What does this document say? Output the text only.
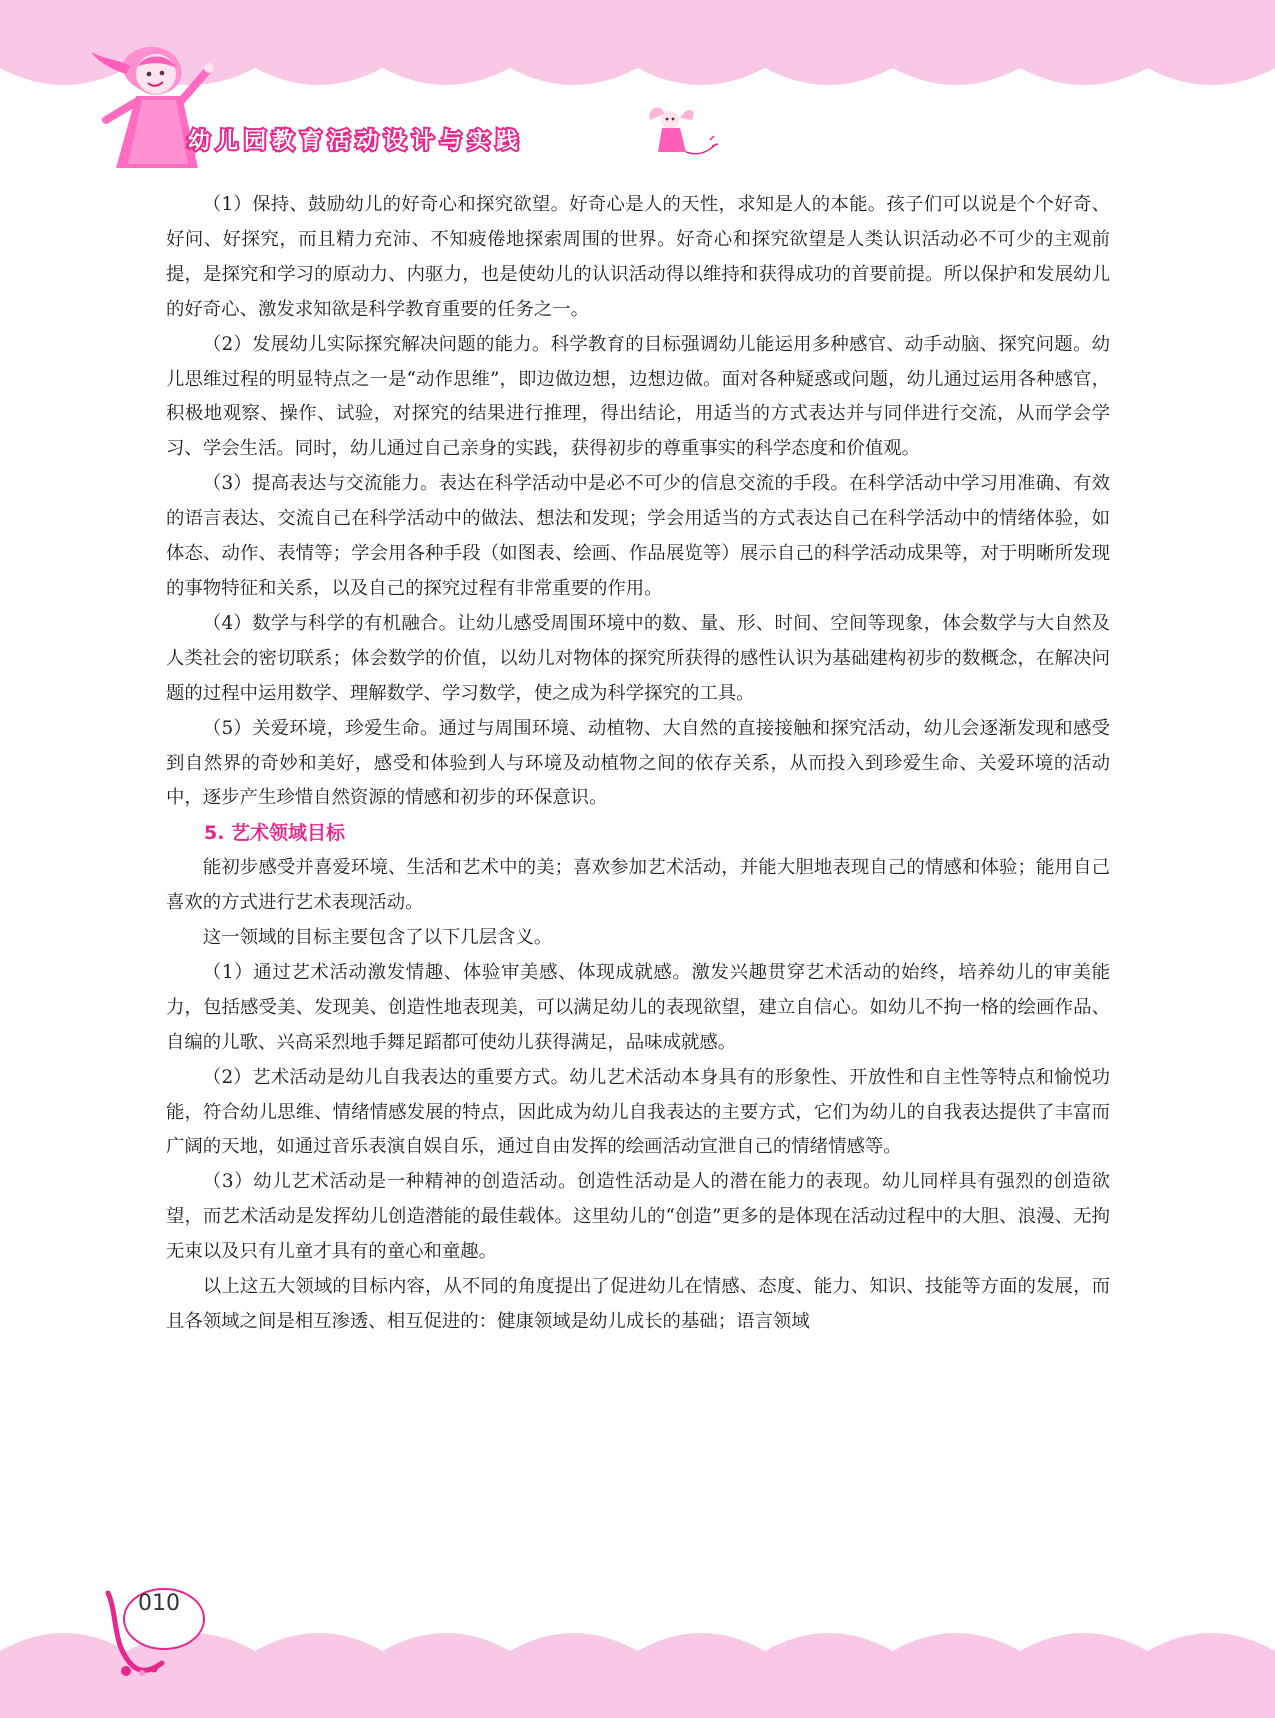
幼儿园教育活动设计与实践

（1）保持、鼓励幼儿的好奇心和探究欲望。好奇心是人的天性，求知是人的本能。孩子们可以说是个个好奇、好问、好探究，而且精力充沛、不知疲倦地探索周围的世界。好奇心和探究欲望是人类认识活动必不可少的主观前提，是探究和学习的原动力、内驱力，也是使幼儿的认识活动得以维持和获得成功的首要前提。所以保护和发展幼儿的好奇心、激发求知欲是科学教育重要的任务之一。

（2）发展幼儿实际探究解决问题的能力。科学教育的目标强调幼儿能运用多种感官、动手动脑、探究问题。幼儿思维过程的明显特点之一是“动作思维”，即边做边想，边想边做。面对各种疑惑或问题，幼儿通过运用各种感官，积极地观察、操作、试验，对探究的结果进行推理，得出结论，用适当的方式表达并与同伴进行交流，从而学会学习、学会生活。同时，幼儿通过自己亲身的实践，获得初步的尊重事实的科学态度和价值观。

（3）提高表达与交流能力。表达在科学活动中是必不可少的信息交流的手段。在科学活动中学习用准确、有效的语言表达、交流自己在科学活动中的做法、想法和发现；学会用适当的方式表达自己在科学活动中的情绪体验，如体态、动作、表情等；学会用各种手段（如图表、绘画、作品展览等）展示自己的科学活动成果等，对于明晰所发现的事物特征和关系，以及自己的探究过程有非常重要的作用。

（4）数学与科学的有机融合。让幼儿感受周围环境中的数、量、形、时间、空间等现象，体会数学与大自然及人类社会的密切联系；体会数学的价值，以幼儿对物体的探究所获得的感性认识为基础建构初步的数概念，在解决问题的过程中运用数学、理解数学、学习数学，使之成为科学探究的工具。

（5）关爱环境，珍爱生命。通过与周围环境、动植物、大自然的直接接触和探究活动，幼儿会逐渐发现和感受到自然界的奇妙和美好，感受和体验到人与环境及动植物之间的依存关系，从而投入到珍爱生命、关爱环境的活动中，逐步产生珍惜自然资源的情感和初步的环保意识。

5. 艺术领域目标

能初步感受并喜爱环境、生活和艺术中的美；喜欢参加艺术活动，并能大胆地表现自己的情感和体验；能用自己喜欢的方式进行艺术表现活动。

这一领域的目标主要包含了以下几层含义。

（1）通过艺术活动激发情趣、体验审美感、体现成就感。激发兴趣贯穿艺术活动的始终，培养幼儿的审美能力，包括感受美、发现美、创造性地表现美，可以满足幼儿的表现欲望，建立自信心。如幼儿不拘一格的绘画作品、自编的儿歌、兴高采烈地手舞足蹈都可使幼儿获得满足，品味成就感。

（2）艺术活动是幼儿自我表达的重要方式。幼儿艺术活动本身具有的形象性、开放性和自主性等特点和愉悦功能，符合幼儿思维、情绪情感发展的特点，因此成为幼儿自我表达的主要方式，它们为幼儿的自我表达提供了丰富而广阔的天地，如通过音乐表演自娱自乐，通过自由发挥的绘画活动宣泄自己的情绪情感等。

（3）幼儿艺术活动是一种精神的创造活动。创造性活动是人的潜在能力的表现。幼儿同样具有强烈的创造欲望，而艺术活动是发挥幼儿创造潜能的最佳载体。这里幼儿的“创造”更多的是体现在活动过程中的大胆、浪漫、无拘无束以及只有儿童才具有的童心和童趣。

以上这五大领域的目标内容，从不同的角度提出了促进幼儿在情感、态度、能力、知识、技能等方面的发展，而且各领域之间是相互渗透、相互促进的：健康领域是幼儿成长的基础；语言领域

010
